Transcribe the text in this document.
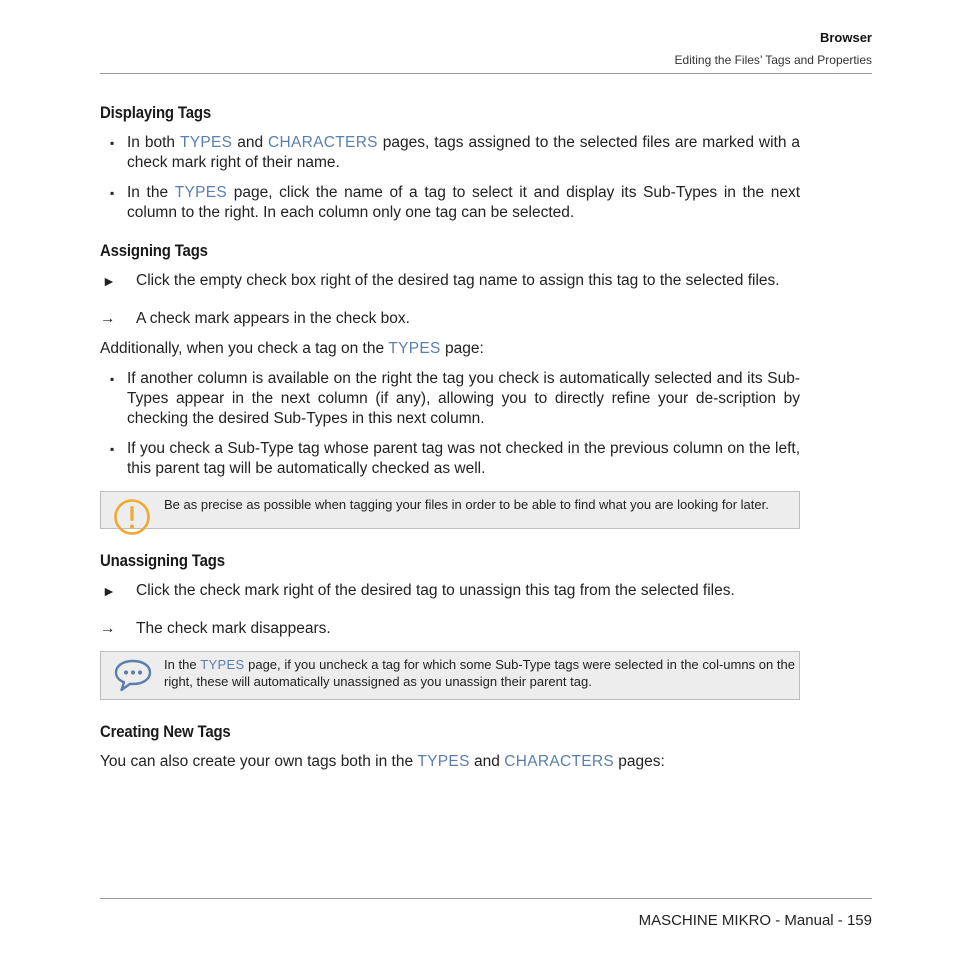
Browser
Editing the Files’ Tags and Properties
Displaying Tags
▪ In both TYPES and CHARACTERS pages, tags assigned to the selected files are marked with a check mark right of their name.
▪ In the TYPES page, click the name of a tag to select it and display its Sub-Types in the next column to the right. In each column only one tag can be selected.
Assigning Tags
► Click the empty check box right of the desired tag name to assign this tag to the selected files.
→ A check mark appears in the check box.

Additionally, when you check a tag on the TYPES page:

▪ If another column is available on the right the tag you check is automatically selected and its Sub-Types appear in the next column (if any), allowing you to directly refine your de-scription by checking the desired Sub-Types in this next column.
▪ If you check a Sub-Type tag whose parent tag was not checked in the previous column on the left, this parent tag will be automatically checked as well.
Be as precise as possible when tagging your files in order to be able to find what you are looking for later.
Unassigning Tags
► Click the check mark right of the desired tag to unassign this tag from the selected files.
→ The check mark disappears.
In the TYPES page, if you uncheck a tag for which some Sub-Type tags were selected in the col-umns on the right, these will automatically unassigned as you unassign their parent tag.
Creating New Tags

You can also create your own tags both in the TYPES and CHARACTERS pages:

MASCHINE MIKRO - Manual - 159
